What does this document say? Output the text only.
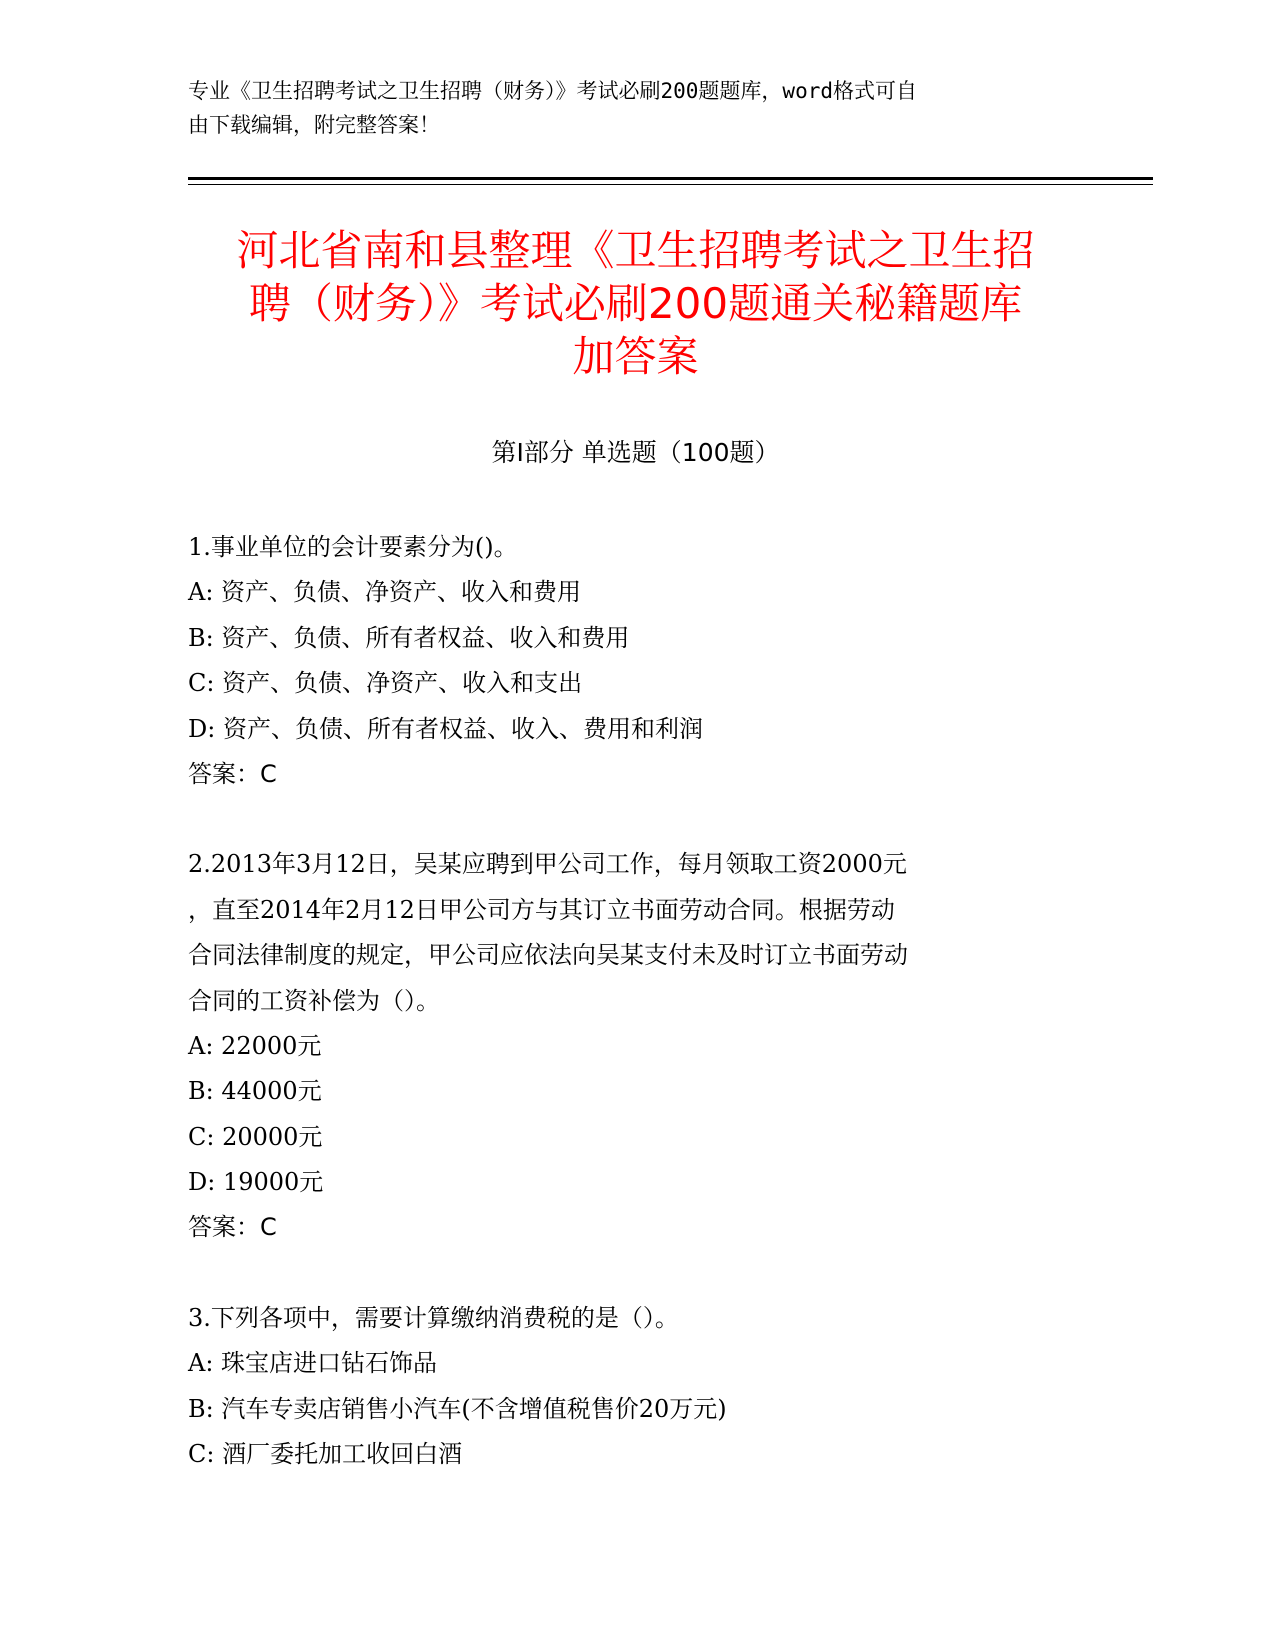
专业《卫生招聘考试之卫生招聘（财务）》考试必刷200题题库，word格式可自
由下载编辑，附完整答案！
河北省南和县整理《卫生招聘考试之卫生招
聘（财务）》考试必刷200题通关秘籍题库
加答案
第I部分 单选题（100题）
1.事业单位的会计要素分为()。
A: 资产、负债、净资产、收入和费用
B: 资产、负债、所有者权益、收入和费用
C: 资产、负债、净资产、收入和支出
D: 资产、负债、所有者权益、收入、费用和利润
答案：C
2.2013年3月12日，吴某应聘到甲公司工作，每月领取工资2000元
，直至2014年2月12日甲公司方与其订立书面劳动合同。根据劳动
合同法律制度的规定，甲公司应依法向吴某支付未及时订立书面劳动
合同的工资补偿为（）。
A: 22000元
B: 44000元
C: 20000元
D: 19000元
答案：C
3.下列各项中，需要计算缴纳消费税的是（）。
A: 珠宝店进口钻石饰品
B: 汽车专卖店销售小汽车(不含增值税售价20万元)
C: 酒厂委托加工收回白酒
